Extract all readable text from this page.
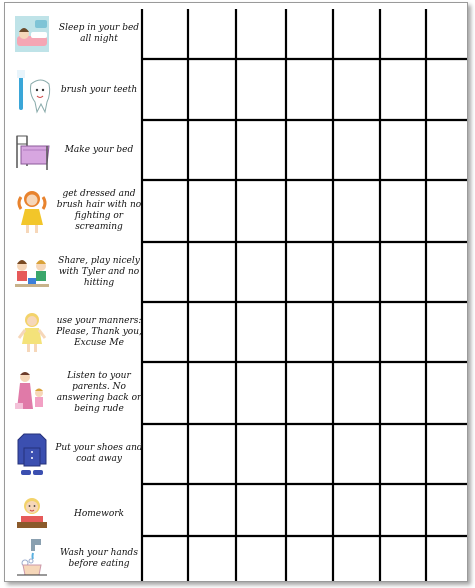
Sleep in your bed all night
brush your teeth
Make your bed
get dressed and brush hair with no fighting or screaming
Share, play nicely with Tyler and no hitting
use your manners: Please, Thank you, Excuse Me
Listen to your parents. No answering back or being rude
Put your shoes and coat away
Homework
Wash your hands before eating
